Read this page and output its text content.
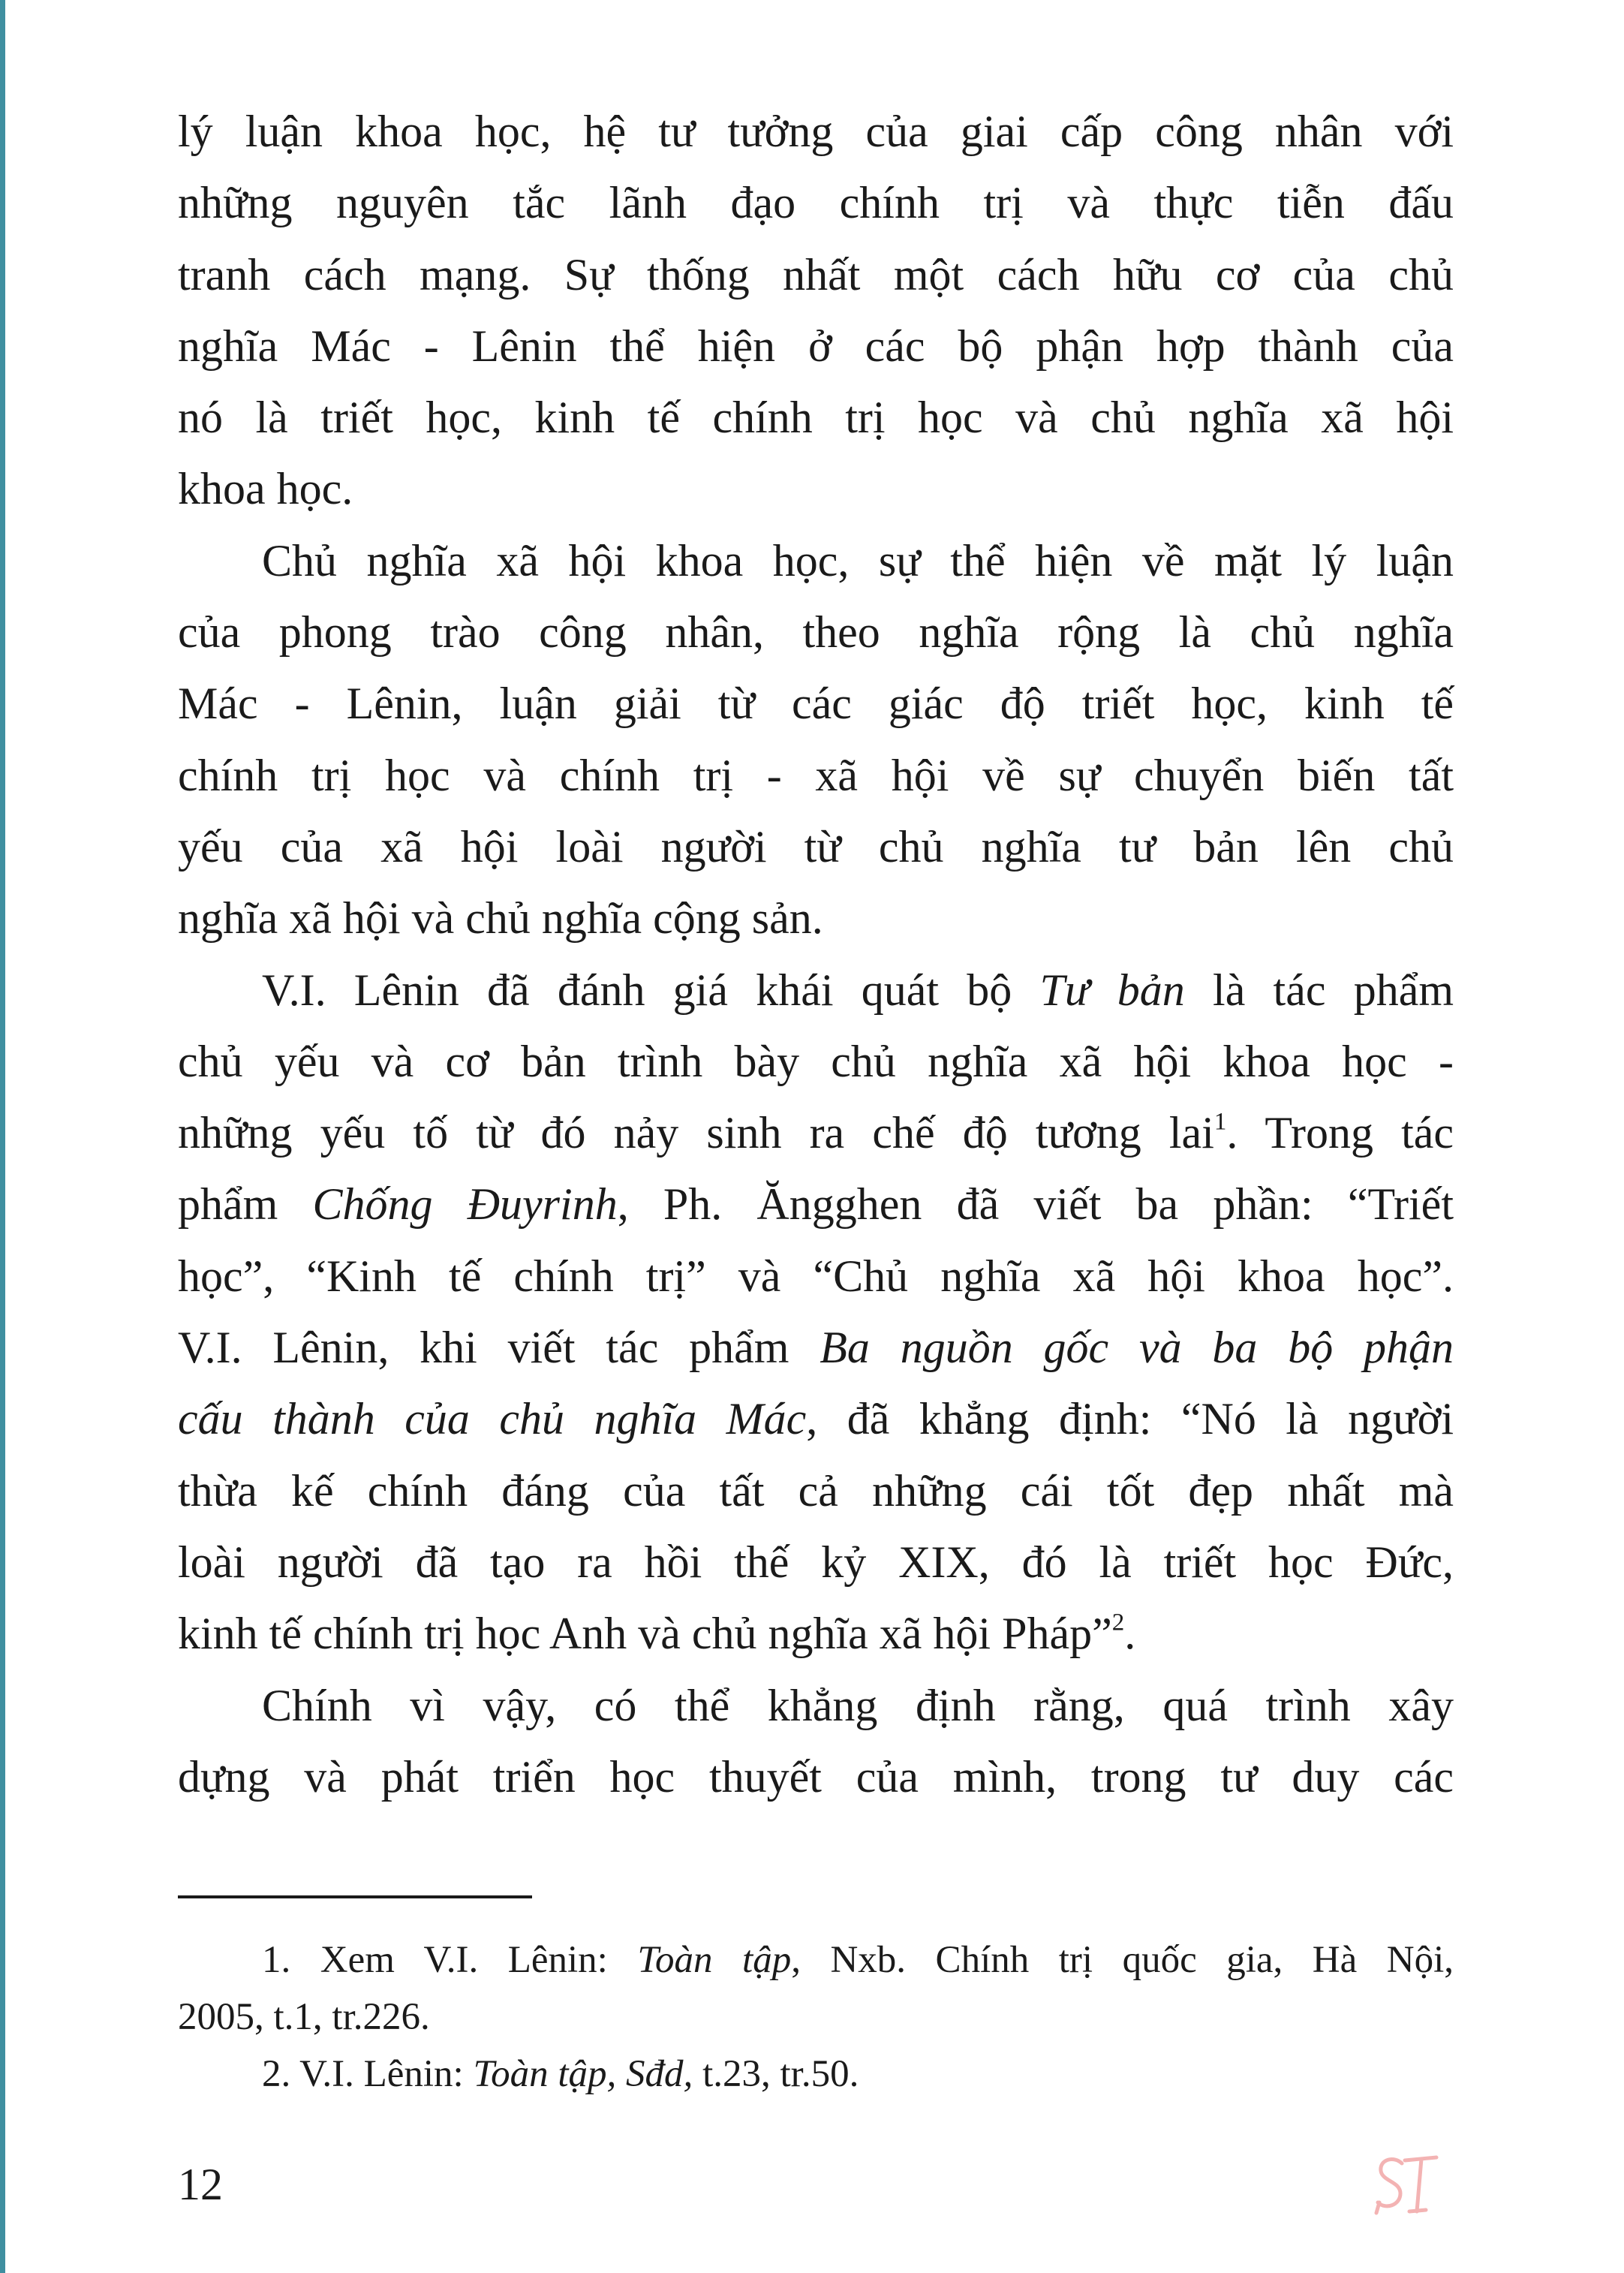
lý luận khoa học, hệ tư tưởng của giai cấp công nhân với
những nguyên tắc lãnh đạo chính trị và thực tiễn đấu
tranh cách mạng. Sự thống nhất một cách hữu cơ của chủ
nghĩa Mác - Lênin thể hiện ở các bộ phận hợp thành của
nó là triết học, kinh tế chính trị học và chủ nghĩa xã hội
khoa học.
Chủ nghĩa xã hội khoa học, sự thể hiện về mặt lý luận
của phong trào công nhân, theo nghĩa rộng là chủ nghĩa
Mác - Lênin, luận giải từ các giác độ triết học, kinh tế
chính trị học và chính trị - xã hội về sự chuyển biến tất
yếu của xã hội loài người từ chủ nghĩa tư bản lên chủ
nghĩa xã hội và chủ nghĩa cộng sản.
V.I. Lênin đã đánh giá khái quát bộ Tư bản là tác phẩm
chủ yếu và cơ bản trình bày chủ nghĩa xã hội khoa học -
những yếu tố từ đó nảy sinh ra chế độ tương lai$^1$. Trong tác
phẩm Chống Đuyrinh, Ph. Ăngghen đã viết ba phần: “Triết
học”, “Kinh tế chính trị” và “Chủ nghĩa xã hội khoa học”.
V.I. Lênin, khi viết tác phẩm Ba nguồn gốc và ba bộ phận
cấu thành của chủ nghĩa Mác, đã khẳng định: “Nó là người
thừa kế chính đáng của tất cả những cái tốt đẹp nhất mà
loài người đã tạo ra hồi thế kỷ XIX, đó là triết học Đức,
kinh tế chính trị học Anh và chủ nghĩa xã hội Pháp”$^2$.
Chính vì vậy, có thể khẳng định rằng, quá trình xây
dựng và phát triển học thuyết của mình, trong tư duy các
1. Xem V.I. Lênin: Toàn tập, Nxb. Chính trị quốc gia, Hà Nội,
2005, t.1, tr.226.
2. V.I. Lênin: Toàn tập, Sđd, t.23, tr.50.
12
